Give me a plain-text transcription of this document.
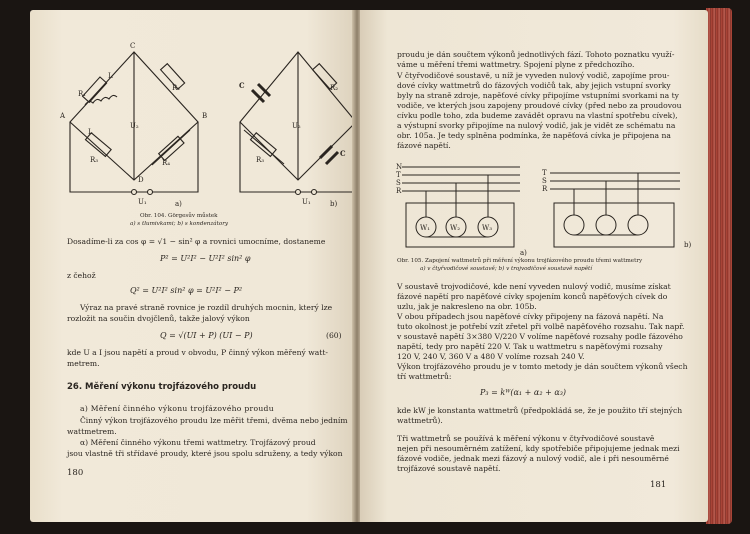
C
A	B
D
L
L
R₁
R₂
R₃	R₄
U₂
U₁	a)	b)
C
C
U₂
U₁
R₂
R₃
Obr. 104. Görgesův můstek
a) s tlumivkami; b) s kondenzátory
Dosadíme-li za cos φ = √1 − sin² φ a rovnici umocníme, dostaneme
P² = U²I² − U²I² sin² φ
z čehož
Q² = U²I² sin² φ = U²I² − P²
Výraz na pravé straně rovnice je rozdíl druhých mocnin, který lze
rozložit na součin dvojčlenů, takže jalový výkon
Q = √(UI + P) (UI − P)	(60)
kde U a I jsou napětí a proud v obvodu, P činný výkon měřený watt-
metrem.
26. Měření výkonu trojfázového proudu
a) Měření činného výkonu trojfázového proudu
Činný výkon trojfázového proudu lze měřit třemi, dvěma nebo jedním
wattmetrem.
α) Měření činného výkonu třemi wattmetry. Trojfázový proud
jsou vlastně tři střídavé proudy, které jsou spolu sdruženy, a tedy výkon
180
proudu je dán součtem výkonů jednotlivých fází. Tohoto poznatku využí-
váme u měření třemi wattmetry. Spojení plyne z předchozího.
V čtyřvodičové soustavě, u níž je vyveden nulový vodič, zapojíme prou-
dové cívky wattmetrů do fázových vodičů tak, aby jejich vstupní svorky
byly na straně zdroje, napěťové cívky připojíme vstupními svorkami na ty
vodiče, ve kterých jsou zapojeny proudové cívky (před nebo za proudovou
cívku podle toho, zda budeme zavádět opravu na vlastní spotřebu cívek),
a výstupní svorky připojíme na nulový vodič, jak je vidět ze schématu na
obr. 105a. Je tedy splněna podmínka, že napěťová cívka je připojena na
fázové napětí.
N
T
S
R
T
S
R
W₁	W₂	W₃
a)
b)
Obr. 105. Zapojení wattmetrů při měření výkonu trojfázového proudu třemi wattmetry
a) v čtyřvodičové soustavě; b) v trojvodičové soustavě napětí
V soustavě trojvodičové, kde není vyveden nulový vodič, musíme získat
fázové napětí pro napěťové cívky spojením konců napěťových cívek do
uzlu, jak je nakresleno na obr. 105b.
V obou případech jsou napěťové cívky připojeny na fázová napětí. Na
tuto okolnost je potřebí vzít zřetel při volbě napěťového rozsahu. Tak např.
v soustavě napětí 3×380 V/220 V volíme napěťové rozsahy podle fázového
napětí, tedy pro napětí 220 V. Tak u wattmetru s napěťovými rozsahy
120 V, 240 V, 360 V a 480 V volíme rozsah 240 V.
Výkon trojfázového proudu je v tomto metody je dán součtem výkonů všech
tří wattmetrů:
P₃ = kᵂ(α₁ + α₂ + α₃)
kde kW je konstanta wattmetrů (předpokládá se, že je použito tří stejných
wattmetrů).
Tři wattmetrů se používá k měření výkonu v čtyřvodičové soustavě
nejen při nesouměrném zatížení, kdy spotřebiče připojujeme jednak mezi
fázové vodiče, jednak mezi fázový a nulový vodič, ale i při nesouměrné
trojfázové soustavě napětí.
181
